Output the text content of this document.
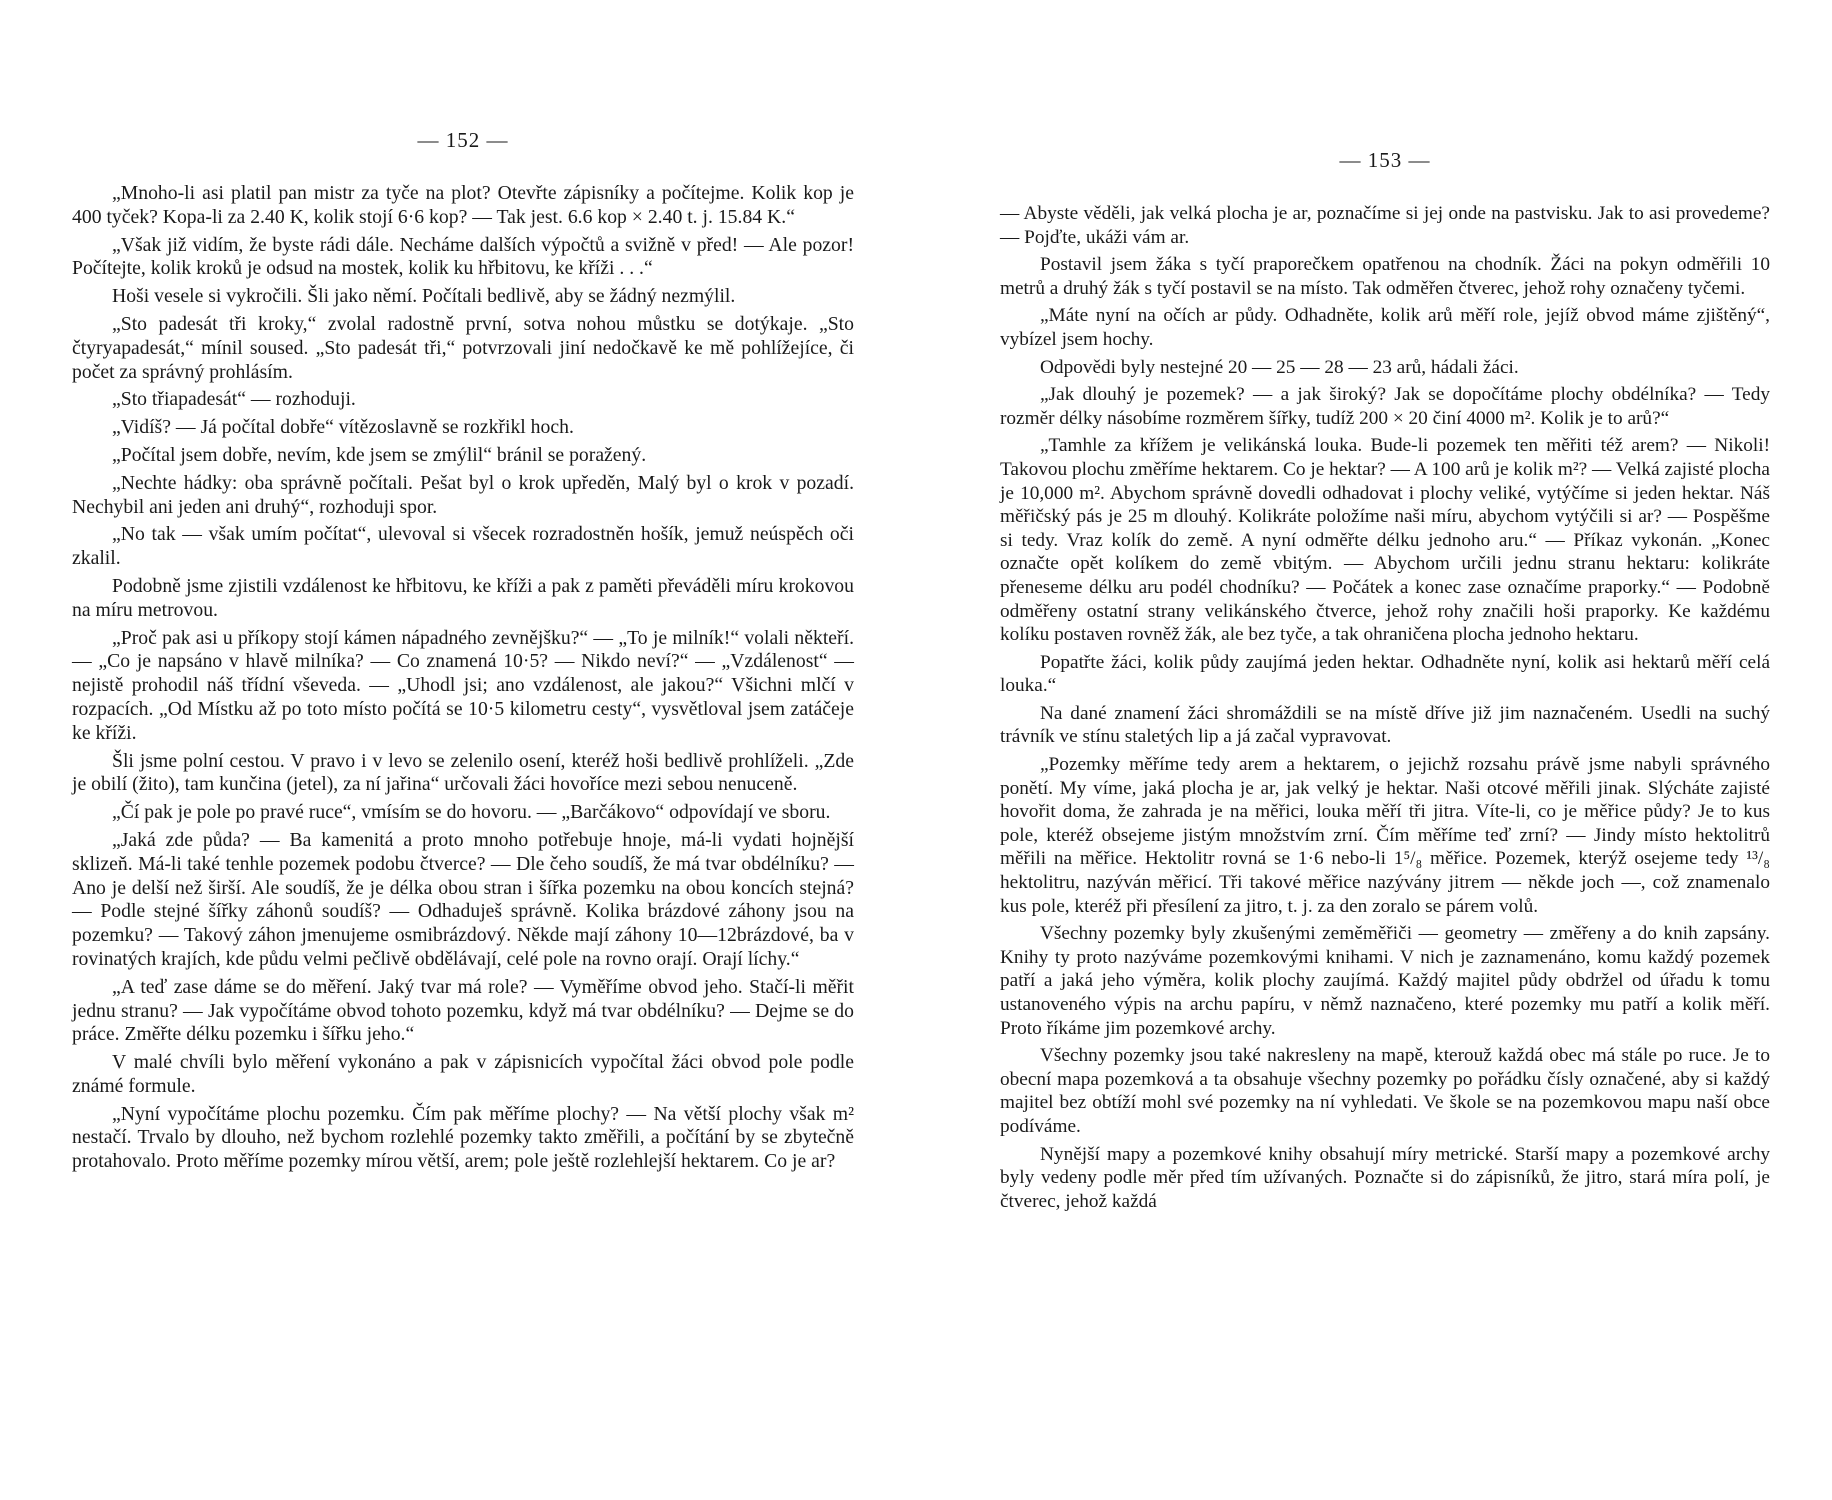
— 152 —

„Mnoho-li asi platil pan mistr za tyče na plot? Otevřte zápisníky a počítejme. Kolik kop je 400 tyček? Kopa-li za 2.40 K, kolik stojí 6·6 kop? — Tak jest. 6.6 kop × 2.40 t. j. 15.84 K.“

„Však již vidím, že byste rádi dále. Necháme dalších výpočtů a svižně v před! — Ale pozor! Počítejte, kolik kroků je odsud na mostek, kolik ku hřbitovu, ke kříži . . .“

Hoši vesele si vykročili. Šli jako němí. Počítali bedlivě, aby se žádný nezmýlil.

„Sto padesát tři kroky,“ zvolal radostně první, sotva nohou můstku se dotýkaje. „Sto čtyryapadesát,“ mínil soused. „Sto padesát tři,“ potvrzovali jiní nedočkavě ke mě pohlížejíce, či počet za správný prohlásím.

„Sto třiapadesát“ — rozhoduji.

„Vidíš? — Já počítal dobře“ vítězoslavně se rozkřikl hoch.

„Počítal jsem dobře, nevím, kde jsem se zmýlil“ bránil se poražený.

„Nechte hádky: oba správně počítali. Pešat byl o krok upředěn, Malý byl o krok v pozadí. Nechybil ani jeden ani druhý“, rozhoduji spor.

„No tak — však umím počítat“, ulevoval si všecek rozradostněn hošík, jemuž neúspěch oči zkalil.

Podobně jsme zjistili vzdálenost ke hřbitovu, ke kříži a pak z paměti převáděli míru krokovou na míru metrovou.

„Proč pak asi u příkopy stojí kámen nápadného zevnějšku?“ — „To je milník!“ volali někteří. — „Co je napsáno v hlavě milníka? — Co znamená 10·5? — Nikdo neví?“ — „Vzdálenost“ — nejistě prohodil náš třídní vševeda. — „Uhodl jsi; ano vzdálenost, ale jakou?“ Všichni mlčí v rozpacích. „Od Místku až po toto místo počítá se 10·5 kilometru cesty“, vysvětloval jsem zatáčeje ke kříži.

Šli jsme polní cestou. V pravo i v levo se zelenilo osení, kteréž hoši bedlivě prohlíželi. „Zde je obilí (žito), tam kunčina (jetel), za ní jařina“ určovali žáci hovoříce mezi sebou nenuceně.

„Čí pak je pole po pravé ruce“, vmísím se do hovoru. — „Barčákovo“ odpovídají ve sboru.

„Jaká zde půda? — Ba kamenitá a proto mnoho potřebuje hnoje, má-li vydati hojnější sklizeň. Má-li také tenhle pozemek podobu čtverce? — Dle čeho soudíš, že má tvar obdélníku? — Ano je delší než širší. Ale soudíš, že je délka obou stran i šířka pozemku na obou koncích stejná? — Podle stejné šířky záhonů soudíš? — Odhaduješ správně. Kolika brázdové záhony jsou na pozemku? — Takový záhon jmenujeme osmibrázdový. Někde mají záhony 10—12brázdové, ba v rovinatých krajích, kde půdu velmi pečlivě obdělávají, celé pole na rovno orají. Orají líchy.“

„A teď zase dáme se do měření. Jaký tvar má role? — Vyměříme obvod jeho. Stačí-li měřit jednu stranu? — Jak vypočítáme obvod tohoto pozemku, když má tvar obdélníku? — Dejme se do práce. Změřte délku pozemku i šířku jeho.“

V malé chvíli bylo měření vykonáno a pak v zápisnicích vypočítal žáci obvod pole podle známé formule.

„Nyní vypočítáme plochu pozemku. Čím pak měříme plochy? — Na větší plochy však m² nestačí. Trvalo by dlouho, než bychom rozlehlé pozemky takto změřili, a počítání by se zbytečně protahovalo. Proto měříme pozemky mírou větší, arem; pole ještě rozlehlejší hektarem. Co je ar?

— 153 —

— Abyste věděli, jak velká plocha je ar, poznačíme si jej onde na pastvisku. Jak to asi provedeme? — Pojďte, ukáži vám ar.

Postavil jsem žáka s tyčí praporečkem opatřenou na chodník. Žáci na pokyn odměřili 10 metrů a druhý žák s tyčí postavil se na místo. Tak odměřen čtverec, jehož rohy označeny tyčemi.

„Máte nyní na očích ar půdy. Odhadněte, kolik arů měří role, jejíž obvod máme zjištěný“, vybízel jsem hochy.

Odpovědi byly nestejné 20 — 25 — 28 — 23 arů, hádali žáci.

„Jak dlouhý je pozemek? — a jak široký? Jak se dopočítáme plochy obdélníka? — Tedy rozměr délky násobíme rozměrem šířky, tudíž 200 × 20 činí 4000 m². Kolik je to arů?“

„Tamhle za křížem je velikánská louka. Bude-li pozemek ten měřiti též arem? — Nikoli! Takovou plochu změříme hektarem. Co je hektar? — A 100 arů je kolik m²? — Velká zajisté plocha je 10,000 m². Abychom správně dovedli odhadovat i plochy veliké, vytýčíme si jeden hektar. Náš měřičský pás je 25 m dlouhý. Kolikráte položíme naši míru, abychom vytýčili si ar? — Pospěšme si tedy. Vraz kolík do země. A nyní odměřte délku jednoho aru.“ — Příkaz vykonán. „Konec označte opět kolíkem do země vbitým. — Abychom určili jednu stranu hektaru: kolikráte přeneseme délku aru podél chodníku? — Počátek a konec zase označíme praporky.“ — Podobně odměřeny ostatní strany velikánského čtverce, jehož rohy značili hoši praporky. Ke každému kolíku postaven rovněž žák, ale bez tyče, a tak ohraničena plocha jednoho hektaru.

Popatřte žáci, kolik půdy zaujímá jeden hektar. Odhadněte nyní, kolik asi hektarů měří celá louka.“

Na dané znamení žáci shromáždili se na místě dříve již jim naznačeném. Usedli na suchý trávník ve stínu staletých lip a já začal vypravovat.

„Pozemky měříme tedy arem a hektarem, o jejichž rozsahu právě jsme nabyli správného ponětí. My víme, jaká plocha je ar, jak velký je hektar. Naši otcové měřili jinak. Slýcháte zajisté hovořit doma, že zahrada je na měřici, louka měří tři jitra. Víte-li, co je měřice půdy? Je to kus pole, kteréž obsejeme jistým množstvím zrní. Čím měříme teď zrní? — Jindy místo hektolitrů měřili na měřice. Hektolitr rovná se 1·6 nebo-li 1⁵/₈ měřice. Pozemek, kterýž osejeme tedy ¹³/₈ hektolitru, nazýván měřicí. Tři takové měřice nazývány jitrem — někde joch —, což znamenalo kus pole, kteréž při přesílení za jitro, t. j. za den zoralo se párem volů.

Všechny pozemky byly zkušenými zeměměřiči — geometry — změřeny a do knih zapsány. Knihy ty proto nazýváme pozemkovými knihami. V nich je zaznamenáno, komu každý pozemek patří a jaká jeho výměra, kolik plochy zaujímá. Každý majitel půdy obdržel od úřadu k tomu ustanoveného výpis na archu papíru, v němž naznačeno, které pozemky mu patří a kolik měří. Proto říkáme jim pozemkové archy.

Všechny pozemky jsou také nakresleny na mapě, kterouž každá obec má stále po ruce. Je to obecní mapa pozemková a ta obsahuje všechny pozemky po pořádku čísly označené, aby si každý majitel bez obtíží mohl své pozemky na ní vyhledati. Ve škole se na pozemkovou mapu naší obce podíváme.

Nynější mapy a pozemkové knihy obsahují míry metrické. Starší mapy a pozemkové archy byly vedeny podle měr před tím užívaných. Poznačte si do zápisníků, že jitro, stará míra polí, je čtverec, jehož každá
